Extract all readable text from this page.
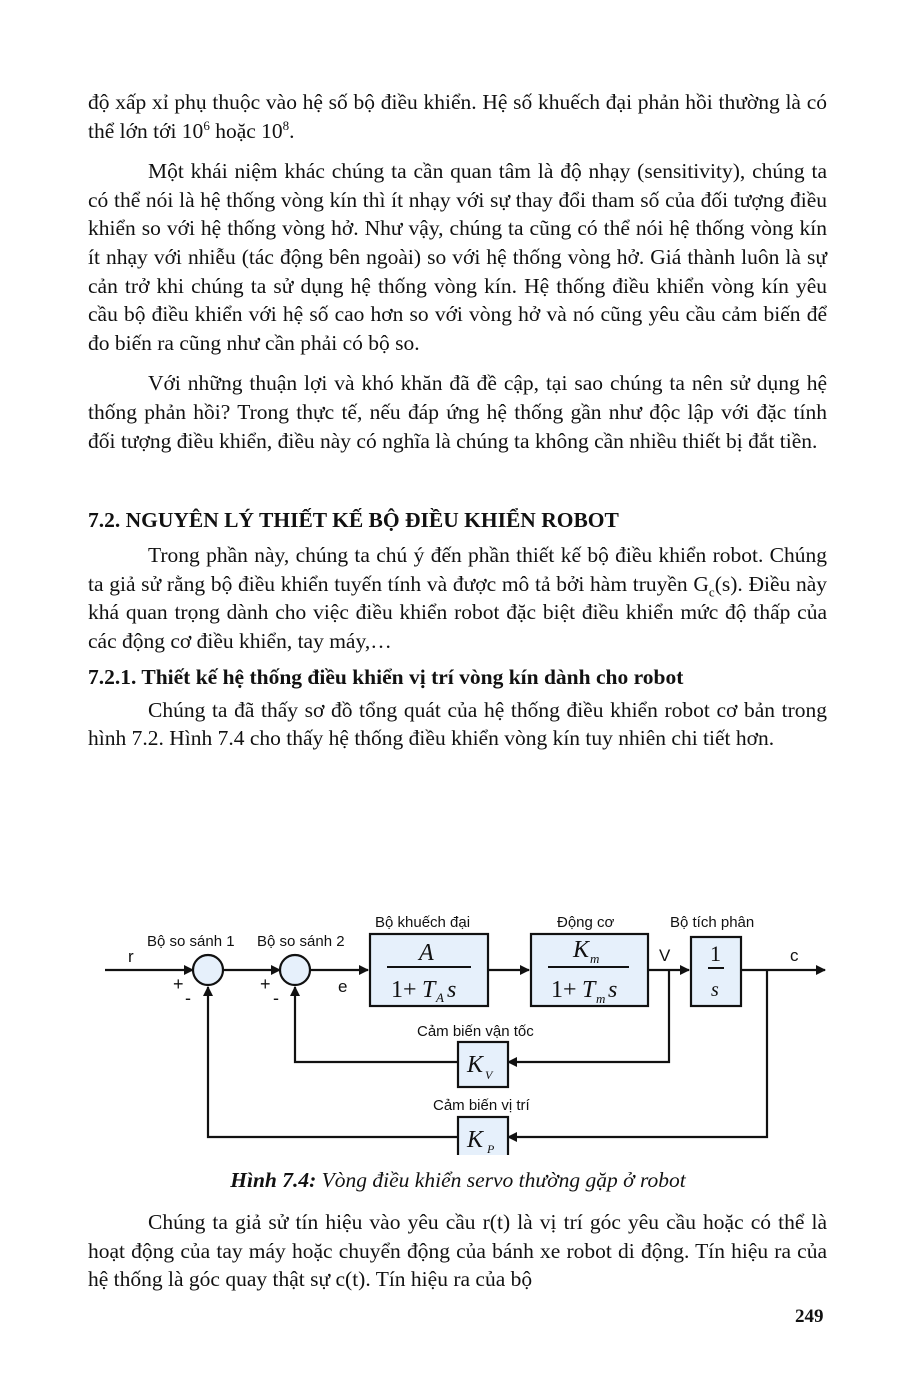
độ xấp xỉ phụ thuộc vào hệ số bộ điều khiển. Hệ số khuếch đại phản hồi thường là có thể lớn tới $10^6$ hoặc $10^8$.

Một khái niệm khác chúng ta cần quan tâm là độ nhạy (sensitivity), chúng ta có thể nói là hệ thống vòng kín thì ít nhạy với sự thay đổi tham số của đối tượng điều khiển so với hệ thống vòng hở. Như vậy, chúng ta cũng có thể nói hệ thống vòng kín ít nhạy với nhiễu (tác động bên ngoài) so với hệ thống vòng hở. Giá thành luôn là sự cản trở khi chúng ta sử dụng hệ thống vòng kín. Hệ thống điều khiển vòng kín yêu cầu bộ điều khiển với hệ số cao hơn so với vòng hở và nó cũng yêu cầu cảm biến để đo biến ra cũng như cần phải có bộ so.

Với những thuận lợi và khó khăn đã đề cập, tại sao chúng ta nên sử dụng hệ thống phản hồi? Trong thực tế, nếu đáp ứng hệ thống gần như độc lập với đặc tính đối tượng điều khiển, điều này có nghĩa là chúng ta không cần nhiều thiết bị đắt tiền.

7.2. NGUYÊN LÝ THIẾT KẾ BỘ ĐIỀU KHIỂN ROBOT

Trong phần này, chúng ta chú ý đến phần thiết kế bộ điều khiển robot. Chúng ta giả sử rằng bộ điều khiển tuyến tính và được mô tả bởi hàm truyền $G_c(s)$. Điều này khá quan trọng dành cho việc điều khiển robot đặc biệt điều khiển mức độ thấp của các động cơ điều khiển, tay máy,…

7.2.1. Thiết kế hệ thống điều khiển vị trí vòng kín dành cho robot

Chúng ta đã thấy sơ đồ tổng quát của hệ thống điều khiển robot cơ bản trong hình 7.2. Hình 7.4 cho thấy hệ thống điều khiển vòng kín tuy nhiên chi tiết hơn.

Bộ so sánh 1 Bộ so sánh 2
Bộ khuếch đại	Động cơ	Bộ tích phân
Cảm biến vận tốc
Cảm biến vị trí
r
e
V	c
+
-
+
-
A
1+ T A s
K m
1+ T m s
1
s
K V
K P
Hình 7.4: Vòng điều khiển servo thường gặp ở robot

Chúng ta giả sử tín hiệu vào yêu cầu r(t) là vị trí góc yêu cầu hoặc có thể là hoạt động của tay máy hoặc chuyển động của bánh xe robot di động. Tín hiệu ra của hệ thống là góc quay thật sự c(t). Tín hiệu ra của bộ

249
